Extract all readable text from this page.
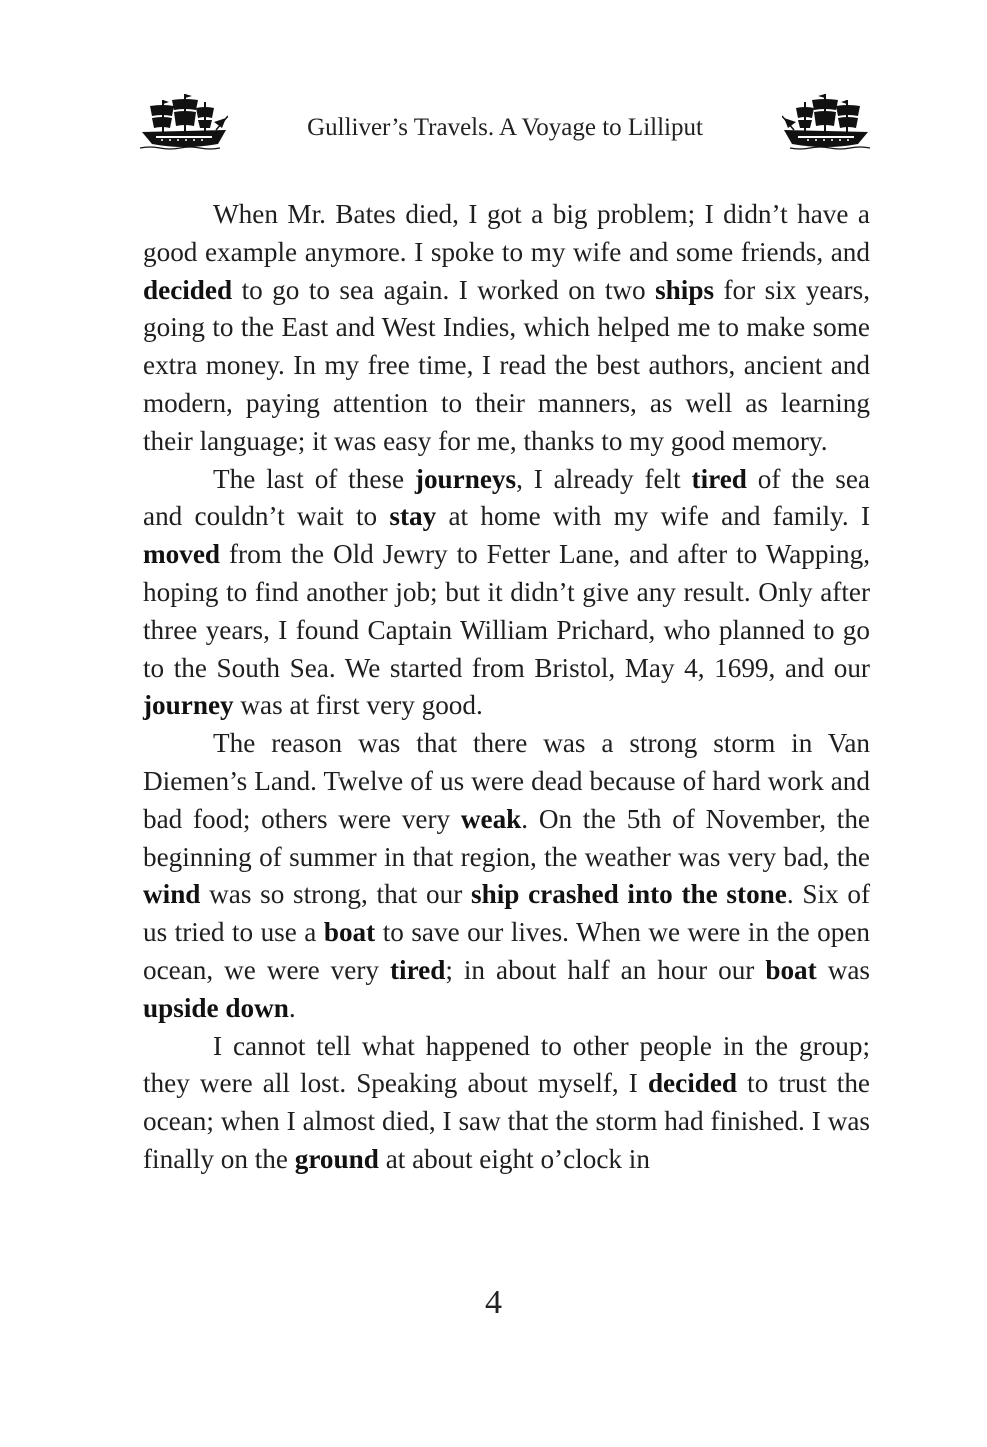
Gulliver’s Travels. A Voyage to Lilliput

When Mr. Bates died, I got a big problem; I didn’t have a good example anymore. I spoke to my wife and some friends, and decided to go to sea again. I worked on two ships for six years, going to the East and West Indies, which helped me to make some extra money. In my free time, I read the best authors, ancient and modern, paying attention to their manners, as well as learning their language; it was easy for me, thanks to my good memory.

The last of these journeys, I already felt tired of the sea and couldn’t wait to stay at home with my wife and family. I moved from the Old Jewry to Fetter Lane, and after to Wapping, hoping to find another job; but it didn’t give any result. Only after three years, I found Captain William Prichard, who planned to go to the South Sea. We started from Bristol, May 4, 1699, and our journey was at first very good.

The reason was that there was a strong storm in Van Diemen’s Land. Twelve of us were dead because of hard work and bad food; others were very weak. On the 5th of November, the beginning of summer in that region, the weather was very bad, the wind was so strong, that our ship crashed into the stone. Six of us tried to use a boat to save our lives. When we were in the open ocean, we were very tired; in about half an hour our boat was upside down.

I cannot tell what happened to other people in the group; they were all lost. Speaking about myself, I decided to trust the ocean; when I almost died, I saw that the storm had finished. I was finally on the ground at about eight o’clock in

4
